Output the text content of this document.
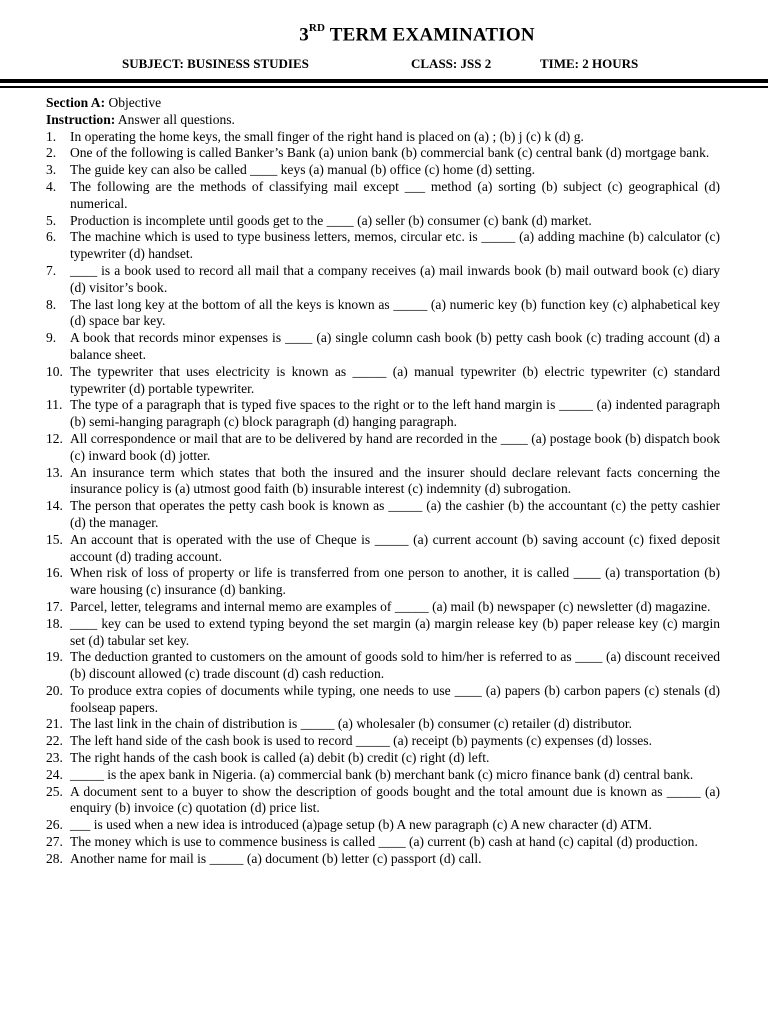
3RD TERM EXAMINATION
SUBJECT: BUSINESS STUDIES	CLASS: JSS 2	TIME: 2 HOURS

Section A: Objective

Instruction: Answer all questions.

1.	In operating the home keys, the small finger of the right hand is placed on (a) ; (b) j (c) k (d) g.
2.	One of the following is called Banker’s Bank (a) union bank (b) commercial bank (c) central bank (d) mortgage bank.
3.	The guide key can also be called ____ keys (a) manual (b) office (c) home (d) setting.
4.	The following are the methods of classifying mail except ___ method (a) sorting (b) subject (c) geographical (d) numerical.
5.	Production is incomplete until goods get to the ____ (a) seller (b) consumer (c) bank (d) market.
6.	The machine which is used to type business letters, memos, circular etc. is _____ (a) adding machine (b) calculator (c) typewriter (d) handset.
7.	____ is a book used to record all mail that a company receives (a) mail inwards book (b) mail outward book (c) diary (d) visitor’s book.
8.	The last long key at the bottom of all the keys is known as _____ (a) numeric key (b) function key (c) alphabetical key (d) space bar key.
9.	A book that records minor expenses is ____ (a) single column cash book (b) petty cash book (c) trading account (d) a balance sheet.
10. The typewriter that uses electricity is known as _____ (a) manual typewriter (b) electric typewriter (c) standard typewriter (d) portable typewriter.
11. The type of a paragraph that is typed five spaces to the right or to the left hand margin is _____ (a) indented paragraph (b) semi-hanging paragraph (c) block paragraph (d) hanging paragraph.
12. All correspondence or mail that are to be delivered by hand are recorded in the ____ (a) postage book (b) dispatch book (c) inward book (d) jotter.
13. An insurance term which states that both the insured and the insurer should declare relevant facts concerning the insurance policy is (a) utmost good faith (b) insurable interest (c) indemnity (d) subrogation.
14. The person that operates the petty cash book is known as _____ (a) the cashier (b) the accountant (c) the petty cashier (d) the manager.
15. An account that is operated with the use of Cheque is _____ (a) current account (b) saving account (c) fixed deposit account (d) trading account.
16. When risk of loss of property or life is transferred from one person to another, it is called ____ (a) transportation (b) ware housing (c) insurance (d) banking.
17. Parcel, letter, telegrams and internal memo are examples of _____ (a) mail (b) newspaper (c) newsletter (d) magazine.
18. ____ key can be used to extend typing beyond the set margin (a) margin release key (b) paper release key (c) margin set (d) tabular set key.
19. The deduction granted to customers on the amount of goods sold to him/her is referred to as ____ (a) discount received (b) discount allowed (c) trade discount (d) cash reduction.
20. To produce extra copies of documents while typing, one needs to use ____ (a) papers (b) carbon papers (c) stenals (d) foolseap papers.
21. The last link in the chain of distribution is _____ (a) wholesaler (b) consumer (c) retailer (d) distributor.
22. The left hand side of the cash book is used to record _____ (a) receipt (b) payments (c) expenses (d) losses.
23. The right hands of the cash book is called (a) debit (b) credit (c) right (d) left.
24. _____ is the apex bank in Nigeria. (a) commercial bank (b) merchant bank (c) micro finance bank (d) central bank.
25. A document sent to a buyer to show the description of goods bought and the total amount due is known as _____ (a) enquiry (b) invoice (c) quotation (d) price list.
26. ___ is used when a new idea is introduced (a)page setup (b) A new paragraph (c) A new character (d) ATM.
27. The money which is use to commence business is called ____ (a) current (b) cash at hand (c) capital (d) production.
28. Another name for mail is _____ (a) document (b) letter (c) passport (d) call.
